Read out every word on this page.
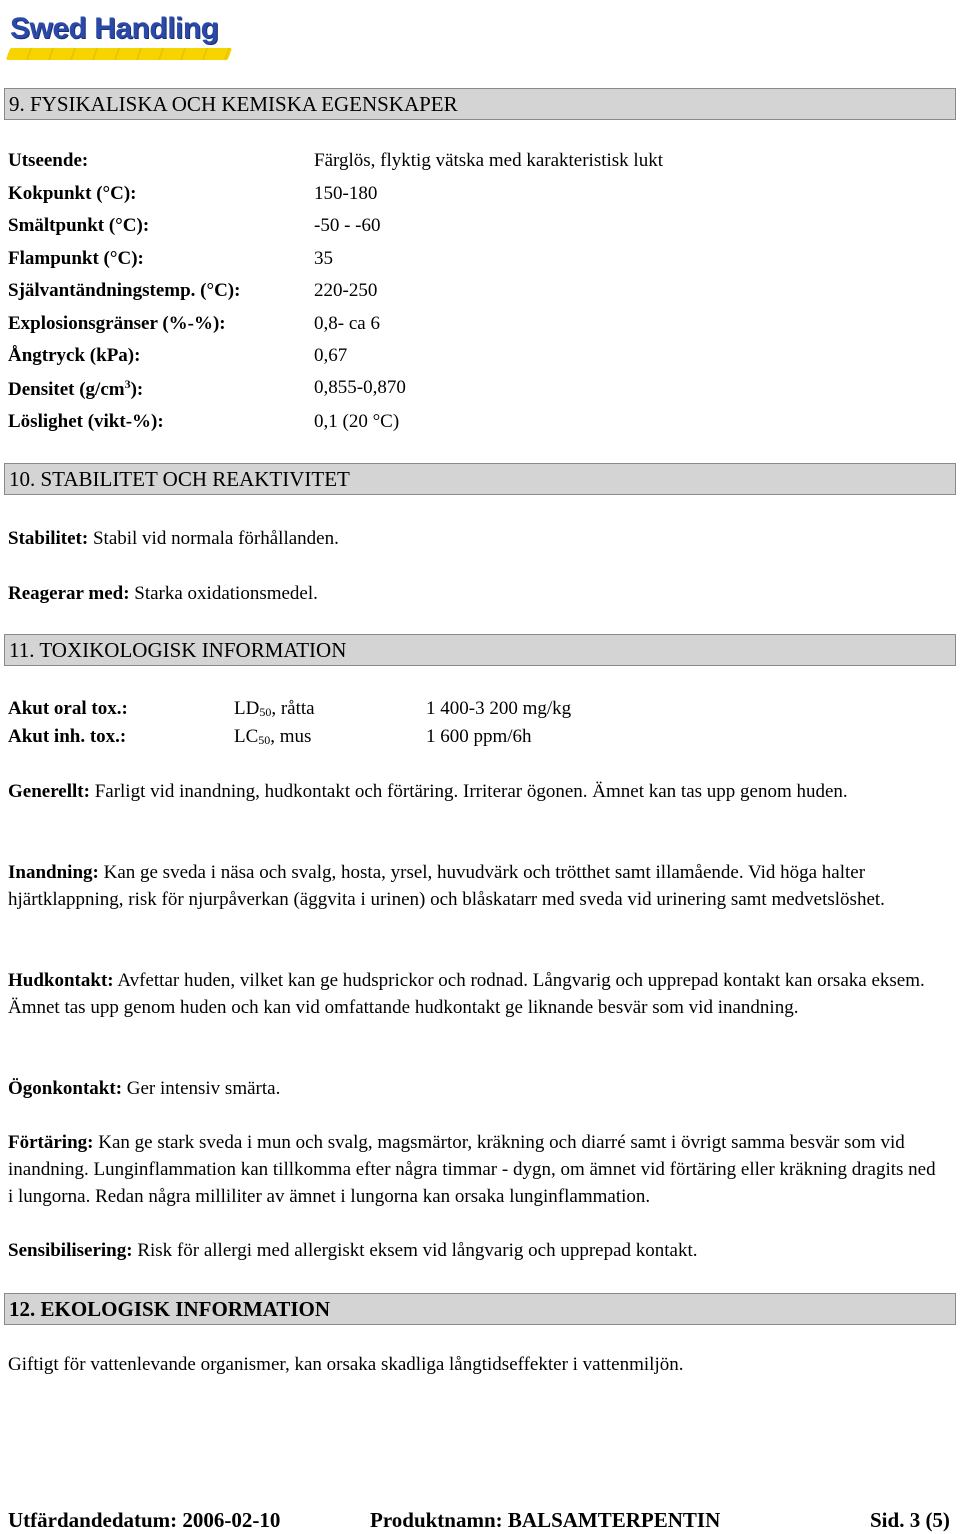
Swed Handling
9. FYSIKALISKA OCH KEMISKA EGENSKAPER
Utseende:	Färglös, flyktig vätska med karakteristisk lukt
Kokpunkt (°C):	150-180
Smältpunkt (°C):	-50 - -60
Flampunkt (°C):	35
Självantändningstemp. (°C):	220-250
Explosionsgränser (%-%):	0,8- ca 6
Ångtryck (kPa):	0,67
Densitet $(g/cm^3)$:	0,855-0,870
Löslighet (vikt-%):	0,1 (20 °C)
10. STABILITET OCH REAKTIVITET
Stabilitet: Stabil vid normala förhållanden.
Reagerar med: Starka oxidationsmedel.
11. TOXIKOLOGISK INFORMATION
Akut oral tox.:	$LD_{50}$, råtta	1 400-3 200 mg/kg
Akut inh. tox.:	$LC_{50}$, mus	1 600 ppm/6h
Generellt: Farligt vid inandning, hudkontakt och förtäring. Irriterar ögonen. Ämnet kan tas upp genom huden.
Inandning: Kan ge sveda i näsa och svalg, hosta, yrsel, huvudvärk och trötthet samt illamående. Vid höga halter hjärtklappning, risk för njurpåverkan (äggvita i urinen) och blåskatarr med sveda vid urinering samt medvetslöshet.
Hudkontakt: Avfettar huden, vilket kan ge hudsprickor och rodnad. Långvarig och upprepad kontakt kan orsaka eksem. Ämnet tas upp genom huden och kan vid omfattande hudkontakt ge liknande besvär som vid inandning.
Ögonkontakt: Ger intensiv smärta.
Förtäring: Kan ge stark sveda i mun och svalg, magsmärtor, kräkning och diarré samt i övrigt samma besvär som vid inandning. Lunginflammation kan tillkomma efter några timmar - dygn, om ämnet vid förtäring eller kräkning dragits ned i lungorna. Redan några milliliter av ämnet i lungorna kan orsaka lunginflammation.
Sensibilisering: Risk för allergi med allergiskt eksem vid långvarig och upprepad kontakt.
12. EKOLOGISK INFORMATION
Giftigt för vattenlevande organismer, kan orsaka skadliga långtidseffekter i vattenmiljön.
Utfärdandedatum: 2006-02-10	Produktnamn: BALSAMTERPENTIN	Sid. 3 (5)
